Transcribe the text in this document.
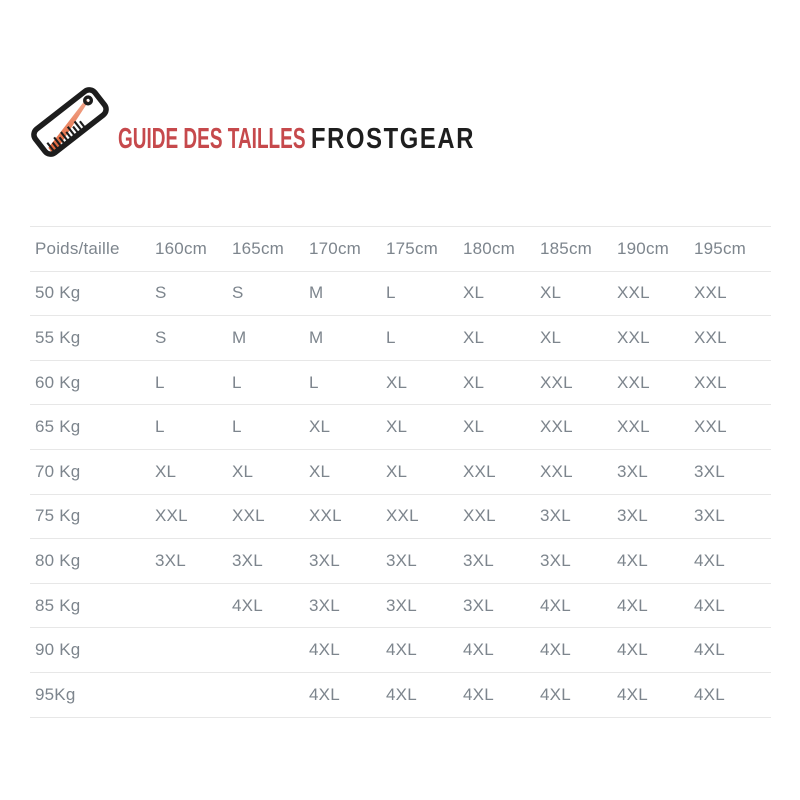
GUIDE DES TAILLES FROSTGEAR
Poids/taille	160cm	165cm	170cm	175cm	180cm	185cm	190cm	195cm
50 Kg	S	S	M	L	XL	XL	XXL	XXL
55 Kg	S	M	M	L	XL	XL	XXL	XXL
60 Kg	L	L	L	XL	XL	XXL	XXL	XXL
65 Kg	L	L	XL	XL	XL	XXL	XXL	XXL
70 Kg	XL	XL	XL	XL	XXL	XXL	3XL	3XL
75 Kg	XXL	XXL	XXL	XXL	XXL	3XL	3XL	3XL
80 Kg	3XL	3XL	3XL	3XL	3XL	3XL	4XL	4XL
85 Kg		4XL	3XL	3XL	3XL	4XL	4XL	4XL
90 Kg			4XL	4XL	4XL	4XL	4XL	4XL
95Kg			4XL	4XL	4XL	4XL	4XL	4XL
